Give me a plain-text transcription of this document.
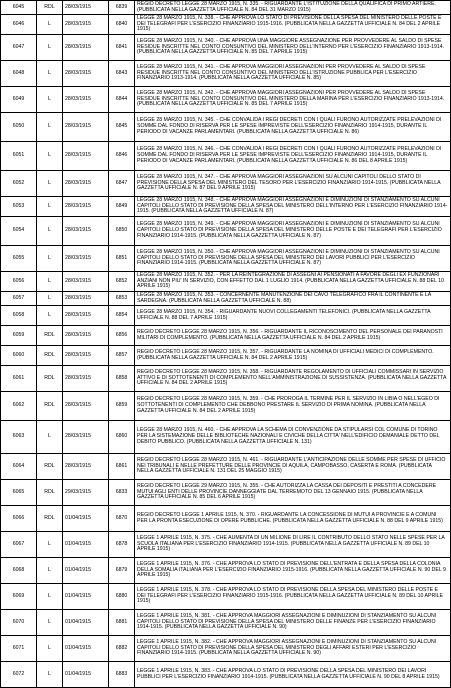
6045	RDL	28/03/1915	6839	REGIO DECRETO LEGGE 28 MARZO 1915, N. 335. - RIGUARDANTE L'ISTITUZIONE DELLA QUALIFICA DI PRIMO ARTIERE. (PUBBLICATA NELLA GAZZETTA UFFICIALE N. 84 DEL 31 MARZO 1915)
6046	L	28/03/1915	6840	LEGGE 28 MARZO 1915, N. 338. - CHE APPROVA LO STATO DI PREVISIONE DELLA SPESA DEL MINISTERO DELLE POSTE E DEI TELEGRAFI PER L'ESERCIZIO FINANZIARIO 1915-1916. (PUBBLICATA NELLA GAZZETTA UFFICIALE N. 84 DEL 2 APRILE 1915)
6047	L	28/03/1915	6841	LEGGE 28 MARZO 1915, N. 340. - CHE APPROVA UNA MAGGIORE ASSEGNAZIONE PER PROVVEDERE AL SALDO DI SPESE RESIDUE INSCRITTE NEL CONTO CONSUNTIVO DEL MINISTERO DELL'INTERNO PER L'ESERCIZIO FINANZIARIO 1913-1914. (PUBBLICATA NELLA GAZZETTA UFFICIALE N. 85 DEL 7 APRILE 1915)
6048	L	28/03/1915	6843	LEGGE 28 MARZO 1915, N. 341. - CHE APPROVA MAGGIORI ASSEGNAZIONI PER PROVVEDERE AL SALDO DI SPESE RESIDUE INSCRITTE NEL CONTO CONSUNTIVO DEL MINISTERO DELL'ISTRUZIONE PUBBLICA PER L'ESERCIZIO FINANZIARIO 1913-1914. (PUBBLICATA NELLA GAZZETTA UFFICIALE N. 85)
6049	L	28/03/1915	6844	LEGGE 28 MARZO 1915, N. 342. - CHE APPROVA MAGGIORI ASSEGNAZIONI PER PROVVEDERE AL SALDO DI SPESE RESIDUE INSCRITTE NEL CONTO CONSUNTIVO DEL MINISTERO DELLA MARINA PER L'ESERCIZIO FINANZIARIO 1913-1914. (PUBBLICATA NELLA GAZZETTA UFFICIALE N. 85 DEL 7 APRILE 1915)
6050	L	28/03/1915	6845	LEGGE 28 MARZO 1915, N. 345. - CHE CONVALIDA I REGI DECRETI CON I QUALI FURONO AUTORIZZATE PRELEVAZIONI DI SOMME DAL FONDO DI RISERVA PER LE SPESE IMPREVISTE DELL'ESERCIZIO FINANZIARIO 1914-1915, DURANTE IL PERIODO DI VACANZE PARLAMENTARI. (PUBBLICATA NELLA GAZZETTA UFFICIALE N. 86)
6051	L	28/03/1915	6846	LEGGE 28 MARZO 1915, N. 346. - CHE CONVALIDA I REGI DECRETI CON I QUALI FURONO AUTORIZZATE PRELEVAZIONI DI SOMME DAL FONDO DI RISERVA PER LE SPESE IMPREVISTE DELL'ESERCIZIO FINANZIARIO 1914-1915, DURANTE IL PERIODO DI VACANZE PARLAMENTARI. (PUBBLICATA NELLA GAZZETTA UFFICIALE N. 86 DEL 8 APRILE 1915)
6052	L	28/03/1915	6847	LEGGE 28 MARZO 1915, N. 347. - CHE APPROVA MAGGIORI ASSEGNAZIONI SU ALCUNI CAPITOLI DELLO STATO DI PREVISIONE DELLA SPESA DEL MINISTERO DEL TESORO PER L'ESERCIZIO FINANZIARIO 1914-1915. (PUBBLICATA NELLA GAZZETTA UFFICIALE N. 87 DEL 9 APRILE 1915)
6053	L	28/03/1915	6849	LEGGE 28 MARZO 1915, N. 348. - CHE APPROVA MAGGIORI ASSEGNAZIONI E DIMINUZIONI DI STANZIAMENTO SU ALCUNI CAPITOLI DELLO STATO DI PREVISIONE DELLA SPESA DEL MINISTERO DELL'INTERNO PER L'ESERCIZIO FINANZIARIO 1914-1915. (PUBBLICATA NELLA GAZZETTA UFFICIALE N. 87)
6054	L	28/03/1915	6850	LEGGE 28 MARZO 1915, N. 349. - CHE APPROVA MAGGIORI ASSEGNAZIONI E DIMINUZIONI DI STANZIAMENTO SU ALCUNI CAPITOLI DELLO STATO DI PREVISIONE DELLA SPESA DEL MINISTERO DELLE POSTE E DEI TELEGRAFI PER L'ESERCIZIO FINANZIARIO 1914-1915. (PUBBLICATA NELLA GAZZETTA UFFICIALE N. 87)
6055	L	28/03/1915	6851	LEGGE 28 MARZO 1915, N. 350. - CHE APPROVA MAGGIORI ASSEGNAZIONI E DIMINUZIONI DI STANZIAMENTO SU ALCUNI CAPITOLI DELLO STATO DI PREVISIONE DELLA SPESA DEL MINISTERO DEI LAVORI PUBBLICI PER L'ESERCIZIO FINANZIARIO 1914-1915. (PUBBLICATA NELLA GAZZETTA UFFICIALE N. 87)
6056	L	28/03/1915	6852	LEGGE 28 MARZO 1915, N. 352. - PER LA REINTEGRAZIONE DI ASSEGNI AI PENSIONATI A FAVORE DEGLI EX FUNZIONARI ANZIANI NON PIU' IN SERVIZIO, CON EFFETTO DAL 1 LUGLIO 1914. (PUBBLICATA NELLA GAZZETTA UFFICIALE N. 88 DEL 10 APRILE 1915)
6057	L	28/03/1915	6853	LEGGE 28 MARZO 1915, N. 353. - CONCERNENTE MANUTENZIONE DEI CAVO TELEGRAFICO FRA IL CONTINENTE E LA SARDEGNA. (PUBBLICATA NELLA GAZZETTA UFFICIALE N. 88)
6058	L	28/03/1915	6854	LEGGE 28 MARZO 1915, N. 354. - RIGUARDANTE NUOVI COLLEGAMENTI TELEFONICI. (PUBBLICATA NELLA GAZZETTA UFFICIALE N. 88 DEL 7 APRILE 1915)
6059	RDL	28/03/1915	6856	REGIO DECRETO LEGGE 28 MARZO 1915, N. 356. - RIGUARDANTE IL RICONOSCIMENTO DEL PERSONALE DEI PARANOSTI MILITARI DI COMPLEMENTO. (PUBBLICATA NELLA GAZZETTA UFFICIALE N. 84 DEL 2 APRILE 1915)
6060	RDL	28/03/1915	6857	REGIO DECRETO LEGGE 28 MARZO 1915, N. 357. - RIGUARDANTE LA NOMINA DI UFFICIALI MEDICI DI COMPLEMENTO. (PUBBLICATA NELLA GAZZETTA UFFICIALE N. 84 DEL 2 APRILE 1915)
6061	RDL	28/03/1915	6858	REGIO DECRETO LEGGE 28 MARZO 1915, N. 358. - RIGUARDANTE REGOLAMENTO DI UFFICIALI COMMISSARI IN SERVIZIO ATTIVO E DI SOTTOTENENTI DI COMPLEMENTO NELL'AMMINISTRAZIONE DI SUSSISTENZA. (PUBBLICATA NELLA GAZZETTA UFFICIALE N. 84 DEL 2 APRILE 1915)
6062	RDL	28/03/1915	6859	REGIO DECRETO LEGGE 28 MARZO 1915, N. 359. - CHE PROROGA IL TERMINE PER IL SERVIZIO IN LIBIA O NELL'EGEO DI SOTTOTENENTI DI COMPLEMENTO CHE DEBBONO PRESTARE IL SERVIZIO DI PRIMA NOMINA. (PUBBLICATA NELLA GAZZETTA UFFICIALE N. 84 DEL 2 APRILE 1915)
6063	L	28/03/1915	6860	LEGGE 28 MARZO 1915, N. 460. - CHE APPROVA LA SCHEMA DI CONVENZIONE DA STIPULARSI COL COMUNE DI TORINO PER LA SISTEMAZIONE DELLE BIBLIOTECHE NAZIONALI E CIVICHE DELLA CITTA' NELL'EDIFICIO DEMANIALE DETTO DEL DEBITO PUBBLICO. (PUBBLICATA NELLA GAZZETTA UFFICIALE N. 131)
6064	RDL	28/03/1915	6861	REGIO DECRETO LEGGE 28 MARZO 1915, N. 461. - RIGUARDANTE L'ANTICIPAZIONE DELLE SOMME PER SPESE DI UFFICIO NEI TRIBUNALI E NELLE PREFETTURE DELLE PROVINCIE DI AQUILA, CAMPOBASSO, CASERTA E ROMA. (PUBBLICATA NELLA GAZZETTA UFFICIALE N. 131 DEL 25 MAGGIO 1915)
6065	RDL	29/03/1915	6833	REGIO DECRETO LEGGE 29 MARZO 1915, N. 355. - CHE AUTORIZZA LA CASSA DEI DEPOSITI E PRESTITI A CONCEDERE MUTUI AGLI ENTI DELLE PROVINCIE DANNEGGIATE DAL TERREMOTO DEL 13 GENNAIO 1915. (PUBBLICATA NELLA GAZZETTA UFFICIALE N. 85 DEL 6 APRILE 1915)
6066	RDL	01/04/1915	6870	REGIO DECRETO LEGGE 1 APRILE 1915, N. 370. - RIGUARDANTE LA CONCESSIONE DI MUTUI A PROVINCIE E A COMUNI PER LA PRONTA ESECUZIONE DI OPERE PUBBLICHE. (PUBBLICATA NELLA GAZZETTA UFFICIALE N. 88 DEL 9 APRILE 1915)
6067	L	01/04/1915	6878	LEGGE 1 APRILE 1915, N. 375. - CHE AUMENTA DI UN MILIONE DI LIRE IL CONTRIBUTO DELLO STATO NELLE SPESE PER LA SCUOLA ITALIANA PER L'ESERCIZIO FINANZIARIO 1914-1915. (PUBBLICATA NELLA GAZZETTA UFFICIALE N. 89 DEL 10 APRILE 1915)
6068	L	01/04/1915	6879	LEGGE 1 APRILE 1915, N. 376. - CHE APPROVA LO STATO DI PREVISIONE DELL'ENTRATA E DELLA SPESA DELLA COLONIA DELLA SOMALIA ITALIANA PER L'ESERCIZIO FINANZIARIO 1915-1916. (PUBBLICATA NELLA GAZZETTA UFFICIALE N. 90 DEL 9 APRILE 1915)
6069	L	01/04/1915	6880	LEGGE 1 APRILE 1915, N. 378. - CHE APPROVA LO STATO DI PREVISIONE DELLA SPESA DEL MINISTERO DELLE POSTE E DEI TELEGRAFI PER L'ESERCIZIO FINANZIARIO 1915-1916. (PUBBLICATA NELLA GAZZETTA UFFICIALE N. 89 DEL 10 APRILE 1915)
6070	L	01/04/1915	6881	LEGGE 1 APRILE 1915, N. 381. - CHE APPROVA MAGGIORI ASSEGNAZIONI E DIMINUZIONI DI STANZIAMENTO SU ALCUNI CAPITOLI DELLO STATO DI PREVISIONE DELLA SPESA DEL MINISTERO DELLE FINANZE PER L'ESERCIZIO FINANZIARIO 1914-1915. (PUBBLICATA NELLA GAZZETTA UFFICIALE N. 90)
6071	L	01/04/1915	6882	LEGGE 1 APRILE 1915, N. 382. - CHE APPROVA MAGGIORI ASSEGNAZIONI E DIMINUZIONI DI STANZIAMENTO SU ALCUNI CAPITOLI DELLO STATO DI PREVISIONE DELLA SPESA DEL MINISTERO DEGLI AFFARI ESTERI PER L'ESERCIZIO FINANZIARIO 1914-1915. (PUBBLICATA NELLA GAZZETTA UFFICIALE N. 90)
6072	L	01/04/1915	6883	LEGGE 1 APRILE 1915, N. 383. - CHE APPROVA LO STATO DI PREVISIONE DELLA SPESA DEL MINISTERO DEI LAVORI PUBBLICI PER L'ESERCIZIO FINANZIARIO 1914-1915. (PUBBLICATA NELLA GAZZETTA UFFICIALE N. 90 DEL 8 APRILE 1915)
